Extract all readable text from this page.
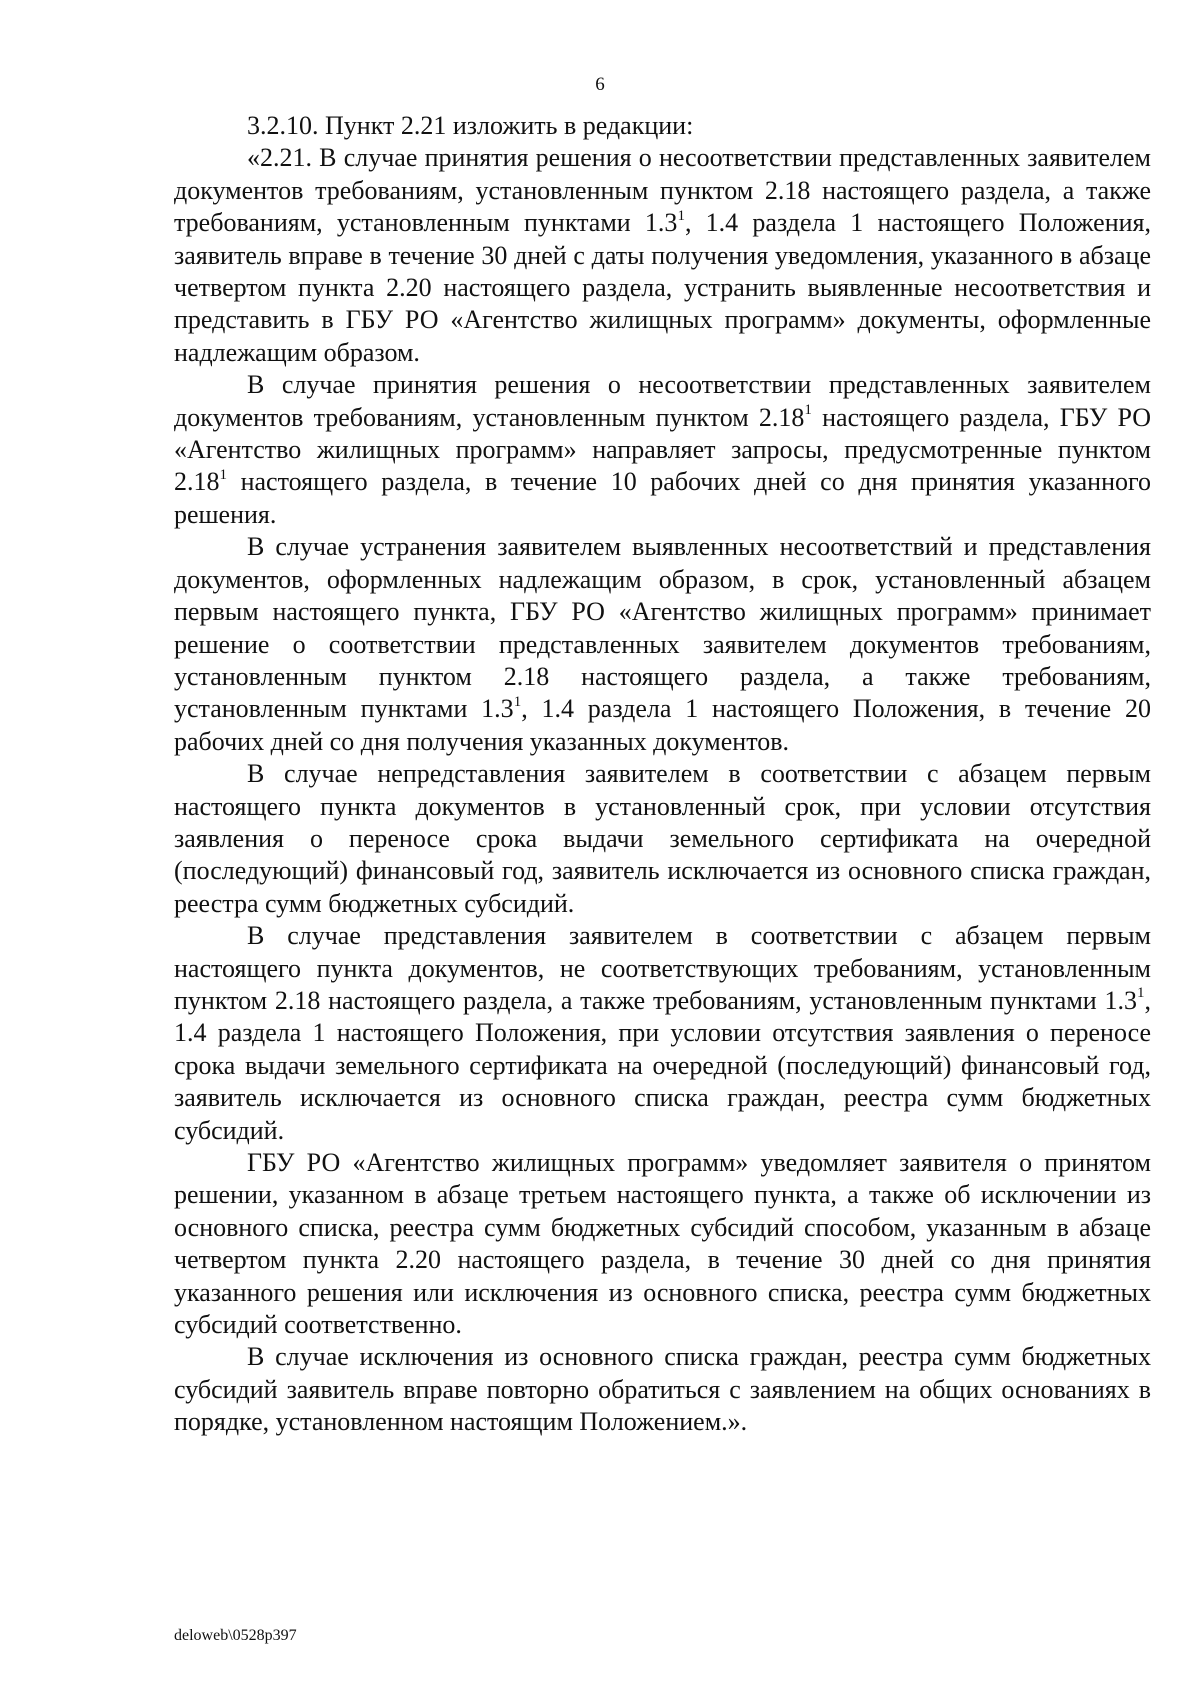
6

3.2.10. Пункт 2.21 изложить в редакции:

«2.21. В случае принятия решения о несоответствии представленных заявителем документов требованиям, установленным пунктом 2.18 настоящего раздела, а также требованиям, установленным пунктами $1.3^1$, 1.4 раздела 1 настоящего Положения, заявитель вправе в течение 30 дней с даты получения уведомления, указанного в абзаце четвертом пункта 2.20 настоящего раздела, устранить выявленные несоответствия и представить в ГБУ РО «Агентство жилищных программ» документы, оформленные надлежащим образом.

В случае принятия решения о несоответствии представленных заявителем документов требованиям, установленным пунктом 2.18$^1$ настоящего раздела, ГБУ РО «Агентство жилищных программ» направляет запросы, предусмотренные пунктом 2.18$^1$ настоящего раздела, в течение 10 рабочих дней со дня принятия указанного решения.

В случае устранения заявителем выявленных несоответствий и представления документов, оформленных надлежащим образом, в срок, установленный абзацем первым настоящего пункта, ГБУ РО «Агентство жилищных программ» принимает решение о соответствии представленных заявителем документов требованиям, установленным пунктом 2.18 настоящего раздела, а также требованиям, установленным пунктами $1.3^1$, 1.4 раздела 1 настоящего Положения, в течение 20 рабочих дней со дня получения указанных документов.

В случае непредставления заявителем в соответствии с абзацем первым настоящего пункта документов в установленный срок, при условии отсутствия заявления о переносе срока выдачи земельного сертификата на очередной (последующий) финансовый год, заявитель исключается из основного списка граждан, реестра сумм бюджетных субсидий.

В случае представления заявителем в соответствии с абзацем первым настоящего пункта документов, не соответствующих требованиям, установленным пунктом 2.18 настоящего раздела, а также требованиям, установленным пунктами $1.3^1$, 1.4 раздела 1 настоящего Положения, при условии отсутствия заявления о переносе срока выдачи земельного сертификата на очередной (последующий) финансовый год, заявитель исключается из основного списка граждан, реестра сумм бюджетных субсидий.

ГБУ РО «Агентство жилищных программ» уведомляет заявителя о принятом решении, указанном в абзаце третьем настоящего пункта, а также об исключении из основного списка, реестра сумм бюджетных субсидий способом, указанным в абзаце четвертом пункта 2.20 настоящего раздела, в течение 30 дней со дня принятия указанного решения или исключения из основного списка, реестра сумм бюджетных субсидий соответственно.

В случае исключения из основного списка граждан, реестра сумм бюджетных субсидий заявитель вправе повторно обратиться с заявлением на общих основаниях в порядке, установленном настоящим Положением.».

deloweb\0528p397
